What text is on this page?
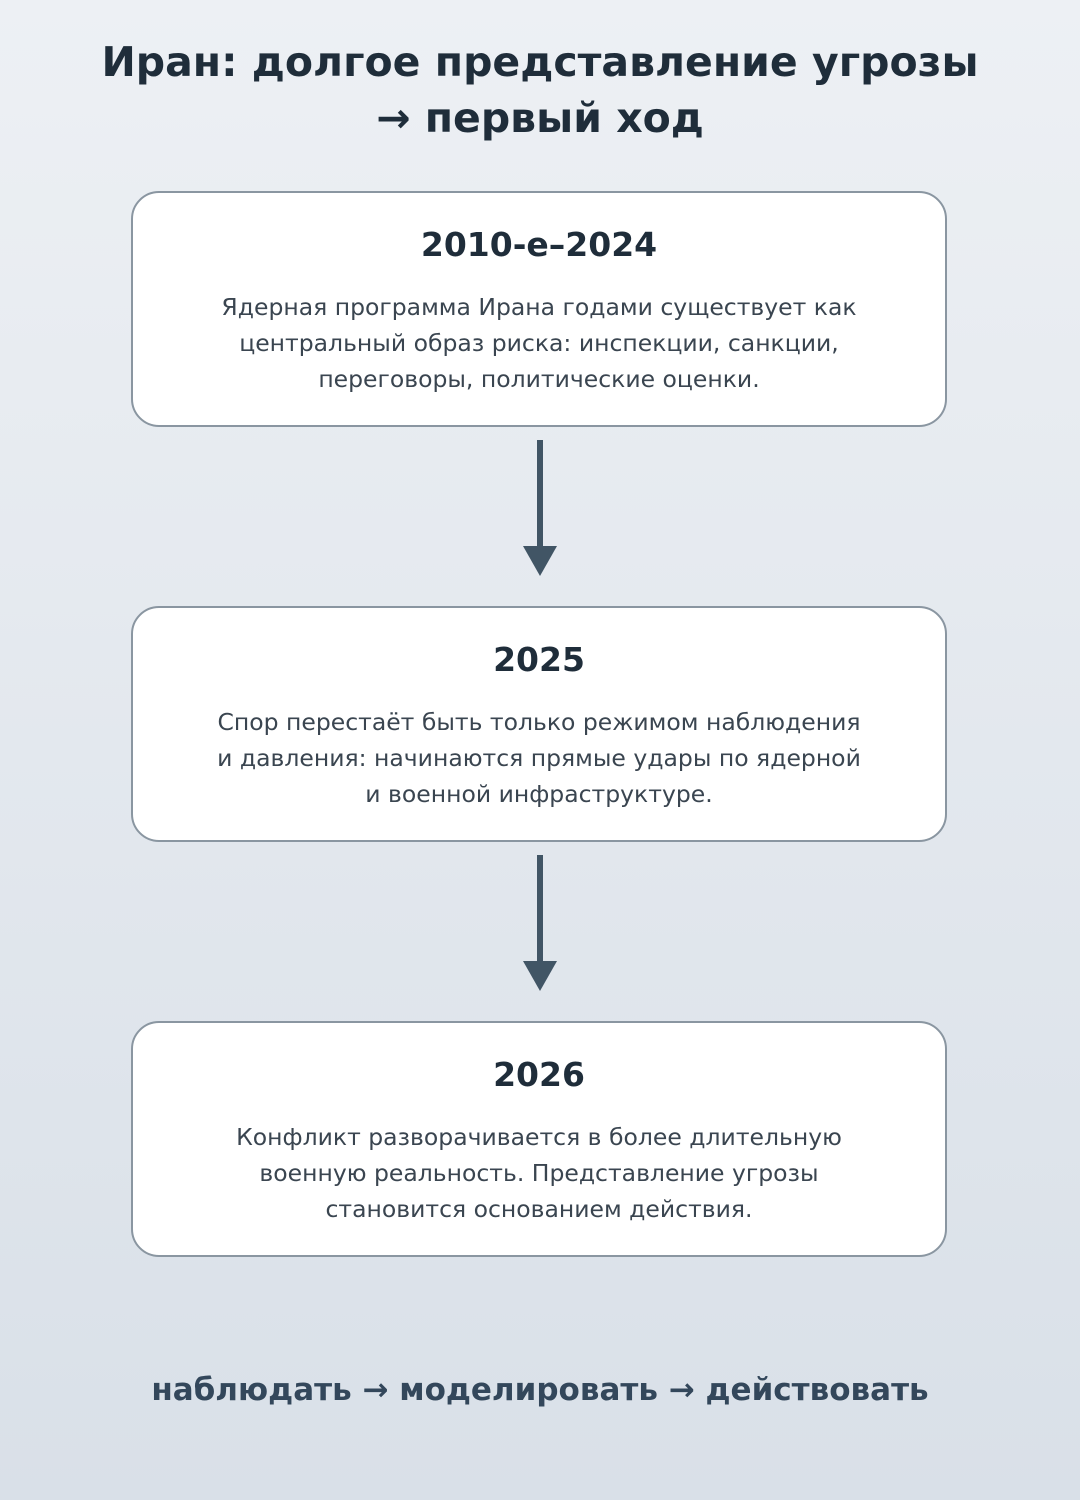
Иран: долгое представление угрозы
→ первый ход
2010-е–2024
Ядерная программа Ирана годами существует как
центральный образ риска: инспекции, санкции,
переговоры, политические оценки.
2025
Спор перестаёт быть только режимом наблюдения
и давления: начинаются прямые удары по ядерной
и военной инфраструктуре.
2026
Конфликт разворачивается в более длительную
военную реальность. Представление угрозы
становится основанием действия.
наблюдать → моделировать → действовать
